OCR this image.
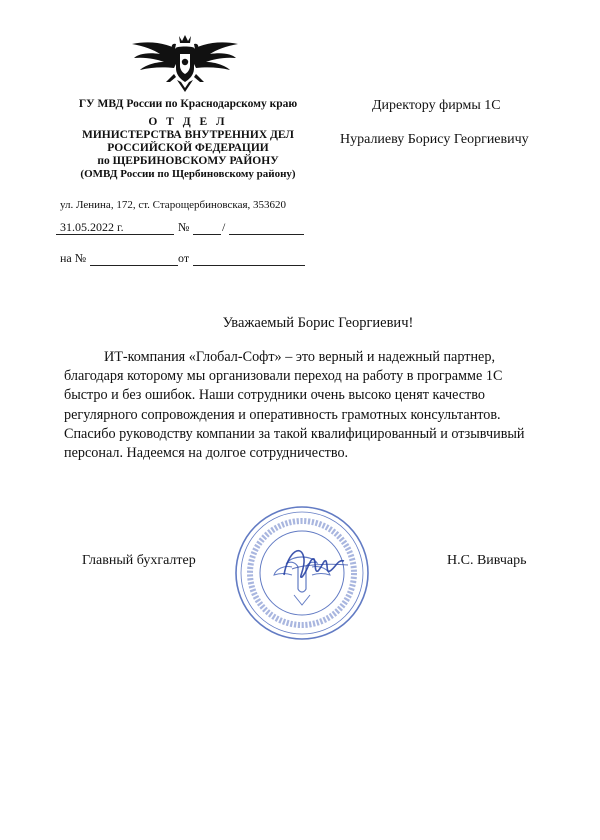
ГУ МВД России по Краснодарскому краю
О Т Д Е Л
МИНИСТЕРСТВА ВНУТРЕННИХ ДЕЛ
РОССИЙСКОЙ ФЕДЕРАЦИИ
по ЩЕРБИНОВСКОМУ РАЙОНУ
(ОМВД России по Щербиновскому району)
ул. Ленина, 172, ст. Старощербиновская, 353620
31.05.2022 г.	№	/
на №	от
Директору фирмы 1С
Нуралиеву Борису Георгиевичу
Уважаемый Борис Георгиевич!
ИТ-компания «Глобал-Софт» – это верный и надежный партнер,
благодаря которому мы организовали переход на работу в программе 1С
быстро и без ошибок. Наши сотрудники очень высоко ценят качество
регулярного сопровождения и оперативность грамотных консультантов.
Спасибо руководству компании за такой квалифицированный и отзывчивый
персонал. Надеемся на долгое сотрудничество.
Главный бухгалтер	Н.С. Вивчарь
